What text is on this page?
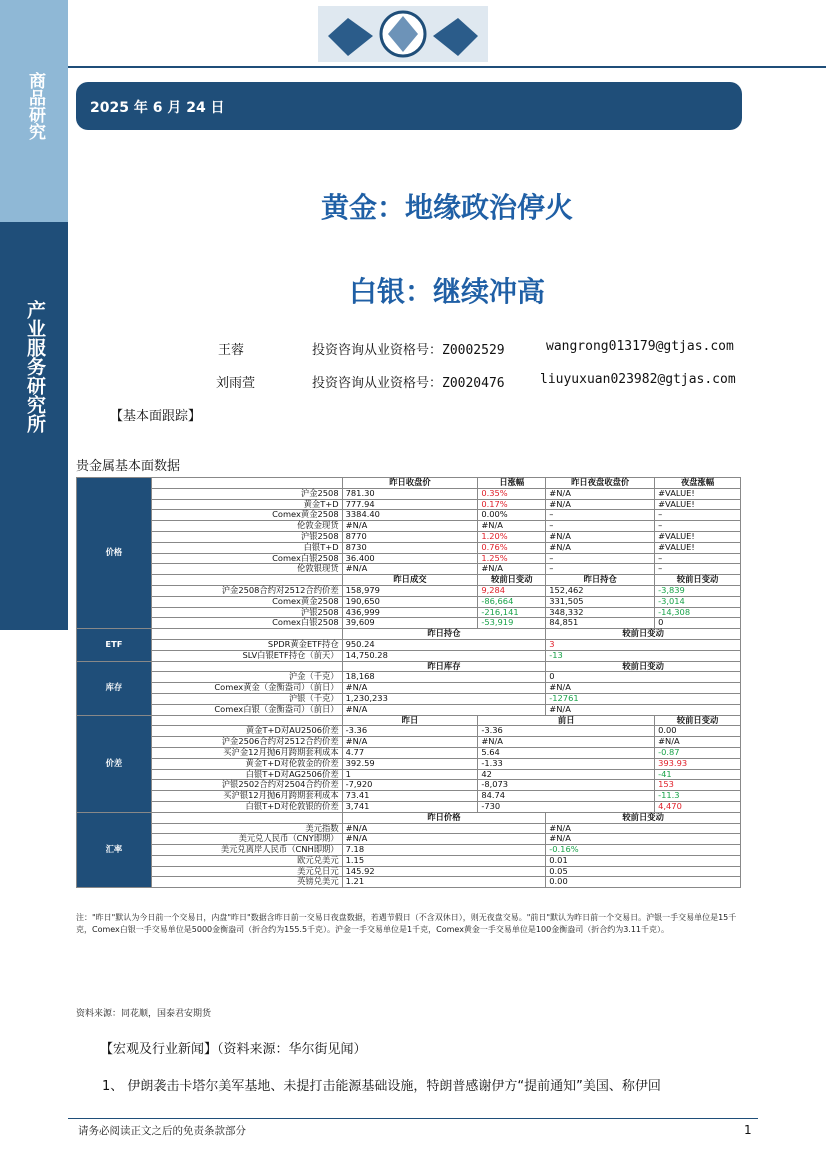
商品研究
产业服务研究所
2025 年 6 月 24 日
黄金：地缘政治停火
白银：继续冲高
王蓉	投资咨询从业资格号：Z0002529	wangrong013179@gtjas.com
刘雨萱	投资咨询从业资格号：Z0020476	liuyuxuan023982@gtjas.com
【基本面跟踪】
贵金属基本面数据
价格		昨日收盘价	日涨幅	昨日夜盘收盘价	夜盘涨幅
	沪金2508	781.30	0.35%	#N/A	#VALUE!
	黄金T+D	777.94	0.17%	#N/A	#VALUE!
	Comex黄金2508	3384.40	0.00%	–	–
	伦敦金现货	#N/A	#N/A	–	–
	沪银2508	8770	1.20%	#N/A	#VALUE!
	白银T+D	8730	0.76%	#N/A	#VALUE!
	Comex白银2508	36.400	1.25%	–	–
	伦敦银现货	#N/A	#N/A	–	–
		昨日成交	较前日变动	昨日持仓	较前日变动
	沪金2508合约对2512合约价差	158,979	9,284	152,462	-3,839
	Comex黄金2508	190,650	-86,664	331,505	-3,014
	沪银2508	436,999	-216,141	348,332	-14,308
	Comex白银2508	39,609	-53,919	84,851	0
ETF		昨日持仓		较前日变动	
	SPDR黄金ETF持仓	950.24		3	
	SLV白银ETF持仓（前天）	14,750.28		-13	
库存		昨日库存		较前日变动	
	沪金（千克）	18,168		0	
	Comex黄金（金衡盎司）（前日）	#N/A		#N/A	
	沪银（千克）	1,230,233		-12761	
	Comex白银（金衡盎司）（前日）	#N/A		#N/A	
价差		昨日	前日		较前日变动
	黄金T+D对AU2506价差	-3.36	-3.36		0.00
	沪金2506合约对2512合约价差	#N/A	#N/A		#N/A
	买沪金12月抛6月跨期套利成本	4.77	5.64		-0.87
	黄金T+D对伦敦金的价差	392.59	-1.33		393.93
	白银T+D对AG2506价差	1	42		-41
	沪银2502合约对2504合约价差	-7,920	-8,073		153
	买沪银12月抛6月跨期套利成本	73.41	84.74		-11.3
	白银T+D对伦敦银的价差	3,741	-730		4,470
汇率		昨日价格		较前日变动	
	美元指数	#N/A		#N/A	
	美元兑人民币（CNY即期）	#N/A		#N/A	
	美元兑离岸人民币（CNH即期）	7.18		-0.16%	
	欧元兑美元	1.15		0.01	
	美元兑日元	145.92		0.05	
	英镑兑美元	1.21		0.00	
注："昨日"默认为今日前一个交易日，内盘"昨日"数据含昨日前一交易日夜盘数据，若遇节假日（不含双休日），则无夜盘交易。"前日"默认为昨日前一个交易日。沪银一手交易单位是15千克，Comex白银一手交易单位是5000金衡盎司（折合约为155.5千克）。沪金一手交易单位是1千克，Comex黄金一手交易单位是100金衡盎司（折合约为3.11千克）。
资料来源：同花顺，国泰君安期货
【宏观及行业新闻】（资料来源：华尔街见闻）
1、 伊朗袭击卡塔尔美军基地、未提打击能源基础设施，特朗普感谢伊方“提前通知”美国、称伊回
请务必阅读正文之后的免责条款部分	1
